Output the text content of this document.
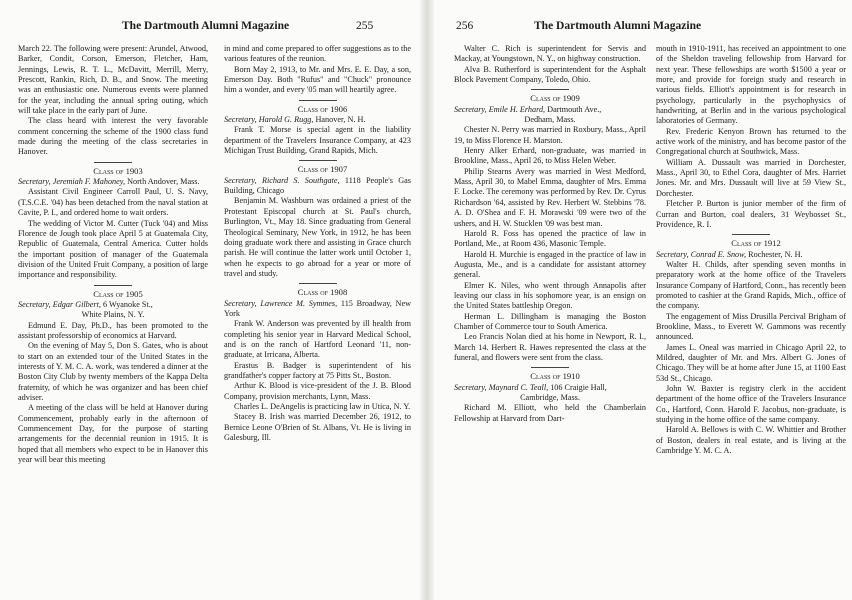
The Dartmouth Alumni Magazine	255

March 22. The following were present: Arundel, Atwood, Barker, Condit, Corson, Emerson, Fletcher, Ham, Jennings, Lewis, R. T. L., McDavitt, Merrill, Merry, Prescott, Rankin, Rich, D. B., and Snow. The meeting was an enthusiastic one. Numerous events were planned for the year, including the annual spring outing, which will take place in the early part of June.

The class heard with interest the very favorable comment concerning the scheme of the 1900 class fund made during the meeting of the class secretaries in Hanover.

Class of 1903

Secretary, Jeremiah F. Mahoney, North Andover, Mass.

Assistant Civil Engineer Carroll Paul, U. S. Navy, (T.S.C.E. '04) has been detached from the naval station at Cavite, P. I., and ordered home to wait orders.

The wedding of Victor M. Cutter (Tuck '04) and Miss Florence de Jough took place April 5 at Guatemala City, Republic of Guatemala, Central America. Cutter holds the important position of manager of the Guatemala division of the United Fruit Company, a position of large importance and responsibility.

Class of 1905

Secretary, Edgar Gilbert, 6 Wyanoke St.,

White Plains, N. Y.

Edmund E. Day, Ph.D., has been promoted to the assistant professorship of economics at Harvard.

On the evening of May 5, Don S. Gates, who is about to start on an extended tour of the United States in the interests of Y. M. C. A. work, was tendered a dinner at the Boston City Club by twenty members of the Kappa Delta fraternity, of which he was organizer and has been chief adviser.

A meeting of the class will be held at Hanover during Commencement, probably early in the afternoon of Commencement Day, for the purpose of starting arrangements for the decennial reunion in 1915. It is hoped that all members who expect to be in Hanover this year will bear this meeting

in mind and come prepared to offer suggestions as to the various features of the reunion.

Born May 2, 1913, to Mr. and Mrs. E. E. Day, a son, Emerson Day. Both "Rufus" and "Chuck" pronounce him a wonder, and every '05 man will heartily agree.

Class of 1906

Secretary, Harold G. Rugg, Hanover, N. H.

Frank T. Morse is special agent in the liability department of the Travelers Insurance Company, at 423 Michigan Trust Building, Grand Rapids, Mich.

Class of 1907

Secretary, Richard S. Southgate, 1118 People's Gas Building, Chicago

Benjamin M. Washburn was ordained a priest of the Protestant Episcopal church at St. Paul's church, Burlington, Vt., May 18. Since graduating from General Theological Seminary, New York, in 1912, he has been doing graduate work there and assisting in Grace church parish. He will continue the latter work until October 1, when he expects to go abroad for a year or more of travel and study.

Class of 1908

Secretary, Lawrence M. Symmes, 115 Broadway, New York

Frank W. Anderson was prevented by ill health from completing his senior year in Harvard Medical School, and is on the ranch of Hartford Leonard '11, non-graduate, at Irricana, Alberta.

Erastus B. Badger is superintendent of his grandfather's copper factory at 75 Pitts St., Boston.

Arthur K. Blood is vice-president of the J. B. Blood Company, provision merchants, Lynn, Mass.

Charles L. DeAngelis is practicing law in Utica, N. Y.

Stacey B. Irish was married December 26, 1912, to Bernice Leone O'Brien of St. Albans, Vt. He is living in Galesburg, Ill.

256	The Dartmouth Alumni Magazine

Walter C. Rich is superintendent for Servis and Mackay, at Youngstown, N. Y., on highway construction.

Alva B. Rutherford is superintendent for the Asphalt Block Pavement Company, Toledo, Ohio.

Class of 1909

Secretary, Emile H. Erhard, Dartmouth Ave.,

Dedham, Mass.

Chester N. Perry was married in Roxbury, Mass., April 19, to Miss Florence H. Marston.

Henry Alker Erhard, non-graduate, was married in Brookline, Mass., April 26, to Miss Helen Weber.

Philip Stearns Avery was married in West Medford, Mass, April 30, to Mabel Emma, daughter of Mrs. Emma F. Locke. The ceremony was performed by Rev. Dr. Cyrus Richardson '64, assisted by Rev. Herbert W. Stebbins '78. A. D. O'Shea and F. H. Morawski '09 were two of the ushers, and H. W. Stucklen '09 was best man.

Harold R. Foss has opened the practice of law in Portland, Me., at Room 436, Masonic Temple.

Harold H. Murchie is engaged in the practice of law in Augusta, Me., and is a candidate for assistant attorney general.

Elmer K. Niles, who went through Annapolis after leaving our class in his sophomore year, is an ensign on the United States battleship Oregon.

Herman L. Dillingham is managing the Boston Chamber of Commerce tour to South America.

Leo Francis Nolan died at his home in Newport, R. I., March 14. Herbert R. Hawes represented the class at the funeral, and flowers were sent from the class.

Class of 1910

Secretary, Maynard C. Teall, 106 Craigie Hall,

Cambridge, Mass.

Richard M. Elliott, who held the Chamberlain Fellowship at Harvard from Dart-

mouth in 1910-1911, has received an appointment to one of the Sheldon traveling fellowship from Harvard for next year. These fellowships are worth $1500 a year or more, and provide for foreign study and research in various fields. Elliott's appointment is for research in psychology, particularly in the psychophysics of handwriting, at Berlin and in the various psychological laboratories of Germany.

Rev. Frederic Kenyon Brown has returned to the active work of the ministry, and has become pastor of the Congregational church at Southwick, Mass.

William A. Dussault was married in Dorchester, Mass., April 30, to Ethel Cora, daughter of Mrs. Harriet Jones. Mr. and Mrs. Dussault will live at 59 View St., Dorchester.

Fletcher P. Burton is junior member of the firm of Curran and Burton, coal dealers, 31 Weybosset St., Providence, R. I.

Class of 1912

Secretary, Conrad E. Snow, Rochester, N. H.

Walter H. Childs, after spending seven months in preparatory work at the home office of the Travelers Insurance Company of Hartford, Conn., has recently been promoted to cashier at the Grand Rapids, Mich., office of the company.

The engagement of Miss Drusilla Percival Brigham of Brookline, Mass., to Everett W. Gammons was recently announced.

James L. Oneal was married in Chicago April 22, to Mildred, daughter of Mr. and Mrs. Albert G. Jones of Chicago. They will be at home after June 15, at 1100 East 53d St., Chicago.

John W. Baxter is registry clerk in the accident department of the home office of the Travelers Insurance Co., Hartford, Conn. Harold F. Jacobus, non-graduate, is studying in the home office of the same company.

Harold A. Bellows is with C. W. Whittier and Brother of Boston, dealers in real estate, and is living at the Cambridge Y. M. C. A.
